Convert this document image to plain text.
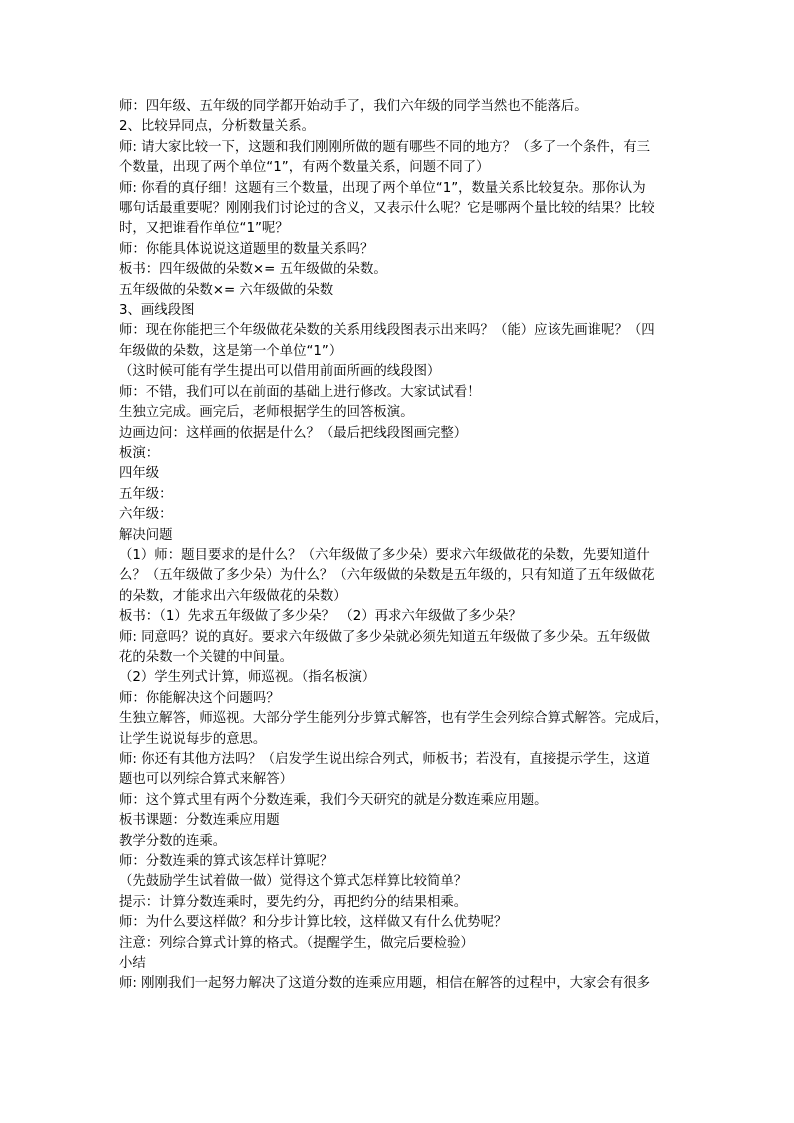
师：四年级、五年级的同学都开始动手了，我们六年级的同学当然也不能落后。
2、比较异同点，分析数量关系。
师: 请大家比较一下，这题和我们刚刚所做的题有哪些不同的地方？（多了一个条件，有三
个数量，出现了两个单位“1”，有两个数量关系，问题不同了）
师: 你看的真仔细！这题有三个数量，出现了两个单位“1”，数量关系比较复杂。那你认为
哪句话最重要呢？刚刚我们讨论过的含义，又表示什么呢？它是哪两个量比较的结果？比较
时，又把谁看作单位“1”呢？
师：你能具体说说这道题里的数量关系吗？
板书：四年级做的朵数×= 五年级做的朵数。
五年级做的朵数×= 六年级做的朵数
3、画线段图
师：现在你能把三个年级做花朵数的关系用线段图表示出来吗？（能）应该先画谁呢？（四
年级做的朵数，这是第一个单位“1”）
（这时候可能有学生提出可以借用前面所画的线段图）
师：不错，我们可以在前面的基础上进行修改。大家试试看！
生独立完成。画完后，老师根据学生的回答板演。
边画边问：这样画的依据是什么？（最后把线段图画完整）
板演：
四年级
五年级：
六年级：
解决问题
（1）师：题目要求的是什么？（六年级做了多少朵）要求六年级做花的朵数，先要知道什
么？（五年级做了多少朵）为什么？（六年级做的朵数是五年级的，只有知道了五年级做花
的朵数，才能求出六年级做花的朵数）
板书：（1）先求五年级做了多少朵？ （2）再求六年级做了多少朵？
师: 同意吗？说的真好。要求六年级做了多少朵就必须先知道五年级做了多少朵。五年级做
花的朵数一个关键的中间量。
（2）学生列式计算，师巡视。（指名板演）
师：你能解决这个问题吗？
生独立解答，师巡视。大部分学生能列分步算式解答，也有学生会列综合算式解答。完成后，
让学生说说每步的意思。
师: 你还有其他方法吗？（启发学生说出综合列式，师板书；若没有，直接提示学生，这道
题也可以列综合算式来解答）
师：这个算式里有两个分数连乘，我们今天研究的就是分数连乘应用题。
板书课题：分数连乘应用题
教学分数的连乘。
师：分数连乘的算式该怎样计算呢？
（先鼓励学生试着做一做）觉得这个算式怎样算比较简单？
提示：计算分数连乘时，要先约分，再把约分的结果相乘。
师：为什么要这样做？和分步计算比较，这样做又有什么优势呢？
注意：列综合算式计算的格式。（提醒学生，做完后要检验）
小结
师: 刚刚我们一起努力解决了这道分数的连乘应用题，相信在解答的过程中，大家会有很多
